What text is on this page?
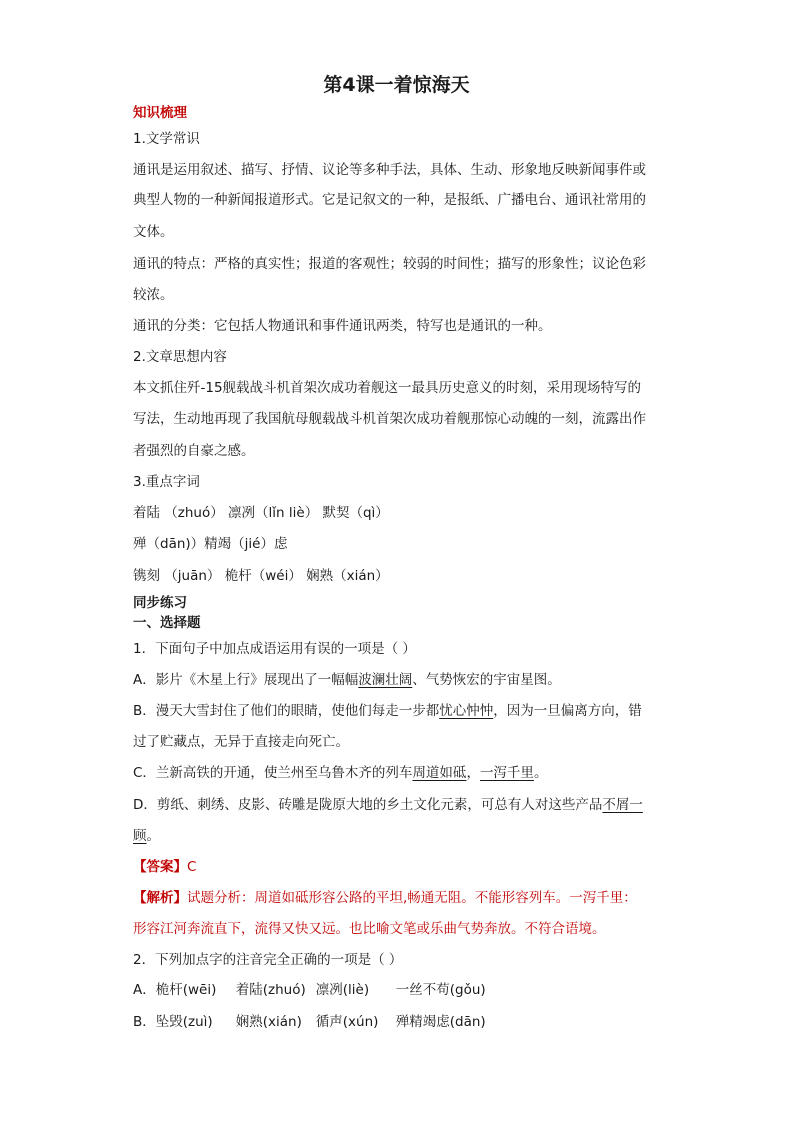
第4课一着惊海天
知识梳理
1.文学常识
通讯是运用叙述、描写、抒情、议论等多种手法，具体、生动、形象地反映新闻事件或
典型人物的一种新闻报道形式。它是记叙文的一种，是报纸、广播电台、通讯社常用的
文体。
通讯的特点：严格的真实性；报道的客观性；较弱的时间性；描写的形象性；议论色彩
较浓。
通讯的分类：它包括人物通讯和事件通讯两类，特写也是通讯的一种。
2.文章思想内容
本文抓住歼-15舰载战斗机首架次成功着舰这一最具历史意义的时刻，采用现场特写的
写法，生动地再现了我国航母舰载战斗机首架次成功着舰那惊心动魄的一刻，流露出作
者强烈的自豪之感。
3.重点字词
着陆 （zhuó） 凛冽（lǐn liè） 默契（qì）
殚（dān)）精竭（jié）虑
镌刻 （juān） 桅杆（wéi） 娴熟（xián）
同步练习
一、选择题
1．下面句子中加点成语运用有误的一项是（ ）
A．影片《木星上行》展现出了一幅幅波澜壮阔、气势恢宏的宇宙星图。
B．漫天大雪封住了他们的眼睛，使他们每走一步都忧心忡忡，因为一旦偏离方向，错
过了贮藏点，无异于直接走向死亡。
C．兰新高铁的开通，使兰州至乌鲁木齐的列车周道如砥，一泻千里。
D．剪纸、刺绣、皮影、砖雕是陇原大地的乡土文化元素，可总有人对这些产品不屑一
顾。
【答案】C
【解析】试题分析：周道如砥形容公路的平坦,畅通无阻。不能形容列车。一泻千里：
形容江河奔流直下，流得又快又远。也比喻文笔或乐曲气势奔放。不符合语境。
2．下列加点字的注音完全正确的一项是（ ）
A．桅杆(wēi) 着陆(zhuó) 凛冽(liè) 一丝不苟(gǒu)
B．坠毁(zuì) 娴熟(xián) 循声(xún) 殚精竭虑(dān)
